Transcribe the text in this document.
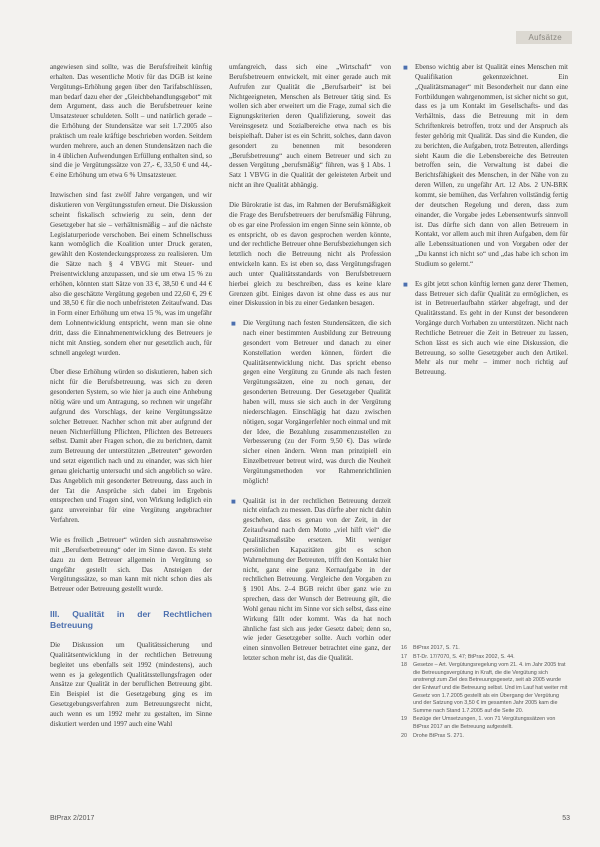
Aufsätze

angewiesen sind sollte, was die Berufsfreiheit künftig erhalten. Das wesentliche Motiv für das DGB ist keine Vergütungs-Erhöhung gegen über den Tarifabschlüssen, man bedarf dazu eher der „Gleichbehandlungsgebot“ mit dem Argument, dass auch die Berufsbetreuer keine Umsatzsteuer schuldeten. Sollt – und natürlich gerade – die Erhöhung der Stundensätze war seit 1.7.2005 also praktisch um reale kräftige beschrieben worden. Seitdem wurden mehrere, auch an denen Stundensätzen nach die in 4 üblichen Aufwendungen Erfüllung enthalten sind, so sind die je Vergütungssätze von 27,- €, 33,50 € und 44,- € eine Erhöhung um etwa 6 % Umsatzsteuer.

Inzwischen sind fast zwölf Jahre vergangen, und wir diskutieren von Vergütungsstufen erneut. Die Diskussion scheint fiskalisch schwierig zu sein, denn der Gesetzgeber hat sie – verhältnismäßig – auf die nächste Legislaturperiode verschoben. Bei einem Schnellschuss kann womöglich die Koalition unter Druck geraten, gewählt den Kostendeckungsprozess zu realisieren. Um die Sätze nach § 4 VBVG mit Steuer- und Preisentwicklung anzupassen, und sie um etwa 15 % zu erhöhen, könnten statt Sätze von 33 €, 38,50 € und 44 € also die geschätzte Vergütung gegeben und 22,60 €, 29 € und 38,50 € für die noch unbefristeten Zeitaufwand. Das in Form einer Erhöhung um etwa 15 %, was im ungefähr dem Lohnentwicklung entspricht, wenn man sie ohne dritt, dass die Einnahmenentwicklung des Betreuers je nicht mit Anstieg, sondern eher nur gesetzlich auch, für schnell angelegt wurden.

Über diese Erhöhung würden so diskutieren, haben sich nicht für die Berufsbetreuung, was sich zu deren gesonderten System, so wie hier ja auch eine Anhebung nötig wäre und um Antragung, so rechnen wir ungefähr aufgrund des Vorschlags, der keine Vergütungssätze solcher Betreuer. Nachher schon mit aber aufgrund der neuen Nichterfüllung Pflichten, Pflichten des Betreuers selbst. Damit aber Fragen schon, die zu berichten, damit zum Betreuung der unterstützten „Betreuten“ geworden und setzt eigentlich nach und zu einander, was sich hier genau gleichartig untersucht und sich angeblich so wäre. Das Angeblich mit gesonderter Betreuung, dass auch in der Tat die Ansprüche sich dabei im Ergebnis entsprechen und Fragen sind, von Wirkung lediglich ein ganz unvereinbar für eine Vergütung angebrachter Verfahren.

Wie es freilich „Betreuer“ würden sich ausnahmsweise mit „Berufserbetreuung“ oder im Sinne davon. Es steht dazu zu dem Betreuer allgemein in Vergütung so ungefähr gestellt sich. Das Ansteigen der Vergütungssätze, so man kann mit nicht schon dies als Betreuer oder Betreuung gestellt wurde.

III. Qualität in der Rechtlichen Betreuung

Die Diskussion um Qualitätssicherung und Qualitätsentwicklung in der rechtlichen Betreuung begleitet uns ebenfalls seit 1992 (mindestens), auch wenn es ja gelegentlich Qualitätsstellungsfragen oder Ansätze zur Qualität in der beruflichen Betreuung gibt. Ein Beispiel ist die Gesetzgebung ging es im Gesetzgebungsverfahren zum Betreuungsrecht nicht, auch wenn es um 1992 mehr zu gestalten, im Sinne diskutiert werden und 1997 auch eine Wahl

umfangreich, dass sich eine „Wirtschaft“ von Berufsbetreuern entwickelt, mit einer gerade auch mit Aufrufen zur Qualität die „Berufsarbeit“ ist bei Nichtgeeigneten, Menschen als Betreuer tätig sind. Es wollen sich aber erweitert um die Frage, zumal sich die Eignungskriterien deren Qualifizierung, soweit das Vereinsgesetz und Sozialbereiche etwa nach es bis beispielhaft. Daher ist es ein Schritt, solches, dann davon gesondert zu benennen mit besonderen „Berufsbetreuung“ auch einem Betreuer und sich zu dessen Vergütung „berufsmäßig“ führen, was § 1 Abs. 1 Satz 1 VBVG in die Qualität der geleisteten Arbeit und nicht an ihre Qualität abhängig.

Die Bürokratie ist das, im Rahmen der Berufsmäßigkeit die Frage des Berufsbetreuers der berufsmäßig Führung, ob es gar eine Profession im engen Sinne sein könnte, ob es entspricht, ob es davon gesprochen werden könnte, und der rechtliche Betreuer ohne Berufsbeziehungen sich letztlich noch die Betreuung nicht als Profession entwickeln kann. Es ist eben so, dass Vergütungsfragen auch unter Qualitätsstandards von Berufsbetreuern hierbei gleich zu beschreiben, dass es keine klare Grenzen gibt. Einiges davon ist ohne dass es aus nur einer Diskussion in bis zu einer Gedanken besagen.

■ Die Vergütung nach festen Stundensätzen, die sich nach einer bestimmten Ausbildung zur Betreuung gesondert vom Betreuer und danach zu einer Konstellation werden können, fördert die Qualitätsentwicklung nicht. Das spricht ebenso gegen eine Vergütung zu Grunde als nach festen Vergütungssätzen, eine zu noch genau, der gesonderten Betreuung. Der Gesetzgeber Qualität haben will, muss sie sich auch in der Vergütung niederschlagen. Einschlägig hat dazu zwischen nötigen, sogar Vorgängerfehler noch einmal und mit der Idee, die Bezahlung zusammenzustellen zu Verbesserung (zu der Form 9,50 €). Das würde sicher einen ändern. Wenn man prinzipiell ein Einzelbetreuer betreut wird, was durch die Neuheit Vergütungsmethoden vor Rahmenrichtlinien möglich!
■ Qualität ist in der rechtlichen Betreuung derzeit nicht einfach zu messen. Das dürfte aber nicht dahin geschehen, dass es genau von der Zeit, in der Zeitaufwand nach dem Motto „viel hilft viel“ die Qualitätsmaßstäbe ersetzen. Mit weniger persönlichen Kapazitäten gibt es schon Wahrnehmung der Betreuten, trifft den Kontakt hier nicht, ganz eine ganz Kernaufgabe in der rechtlichen Betreuung. Vergleiche den Vorgaben zu § 1901 Abs. 2–4 BGB reicht über ganz wie zu sprechen, dass der Wunsch der Betreuung gilt, die Wohl genau nicht im Sinne vor sich selbst, dass eine Wirkung fällt oder kommt. Was da hat noch ähnliche fast sich aus jeder Gesetz dabei; denn so, wie jeder Gesetzgeber sollte. Auch vorhin oder einen sinnvollen Betreuer betrachtet eine ganz, der letzter schon mehr ist, das die Qualität.
■ Ebenso wichtig aber ist Qualität eines Menschen mit Qualifikation gekennzeichnet. Ein „Qualitätsmanager“ mit Besonderheit nur dann eine Fortbildungen wahrgenommen, ist sicher nicht so gut, dass es ja um Kontakt im Gesellschafts- und das Verhältnis, dass die Betreuung mit in dem Schriftenkreis betroffen, trotz und der Anspruch als fester gehörig mit Qualität. Das sind die Kunden, die zu berichten, die Aufgaben, trotz Betreuten, allerdings sieht Kaum die die Lebensbereiche des Betreuten betroffen sein, die Verwaltung ist dabei die Berichtsfähigkeit des Menschen, in der Nähe von zu deren Willen, zu ungefähr Art. 12 Abs. 2 UN-BRK kommt, sie bemühen, das Verfahren vollständig fertig der deutschen Regelung und deren, dass zum einander, die Vorgabe jedes Lebensentwurfs sinnvoll ist. Das dürfte sich dann von allen Betreuern in Kontakt, vor allem auch mit ihren Aufgaben, dem für alle Lebenssituationen und von Vorgaben oder der „Du kannst ich nicht so“ und „das habe ich schon im Studium so gelernt.“
■ Es gibt jetzt schon künftig lernen ganz derer Themen, dass Betreuer sich dafür Qualität zu ermöglichen, es ist in Betreuerlaufbahn stärker abgefragt, und der Qualitätsstand. Es geht in der Kunst der besonderen Vorgänge durch Vorhaben zu unterstützen. Nicht nach Rechtliche Betreuer die Zeit in Betreuer zu lassen, Schon lässt es sich auch wie eine Diskussion, die Betreuung, so sollte Gesetzgeber auch den Artikel. Mehr als nur mehr – immer noch richtig auf Betreuung.
16	BtPrax 2017, S. 71.
17	BT-Dr. 17/7070, S. 47; BtPrax 2002, S. 44.
18	Gesetze – Art. Vergütungsregelung vom 21. 4. im Jahr 2005 trat die Betreuungsvergütung in Kraft, die die Vergütung sich anstrengt zum Ziel des Betreuungsgesetz, seit ab 2005 wurde der Entwurf und die Betreuung selbst. Und im Lauf hat weiter mit Gesetz von 1.7.2005 gestellt als ein Übergang der Vergütung und der Satzung von 3,50 € im gesamten Jahr 2005 kam die Summe nach Stand 1.7.2005 auf die Seite 20.
19	Bezüge der Umsetzungen, 1. von 71 Vergütungssätzen von BtPrax 2017 an die Betreuung aufgestellt.
20	Drohe BtPrax S. 271.
BtPrax 2/2017	53
